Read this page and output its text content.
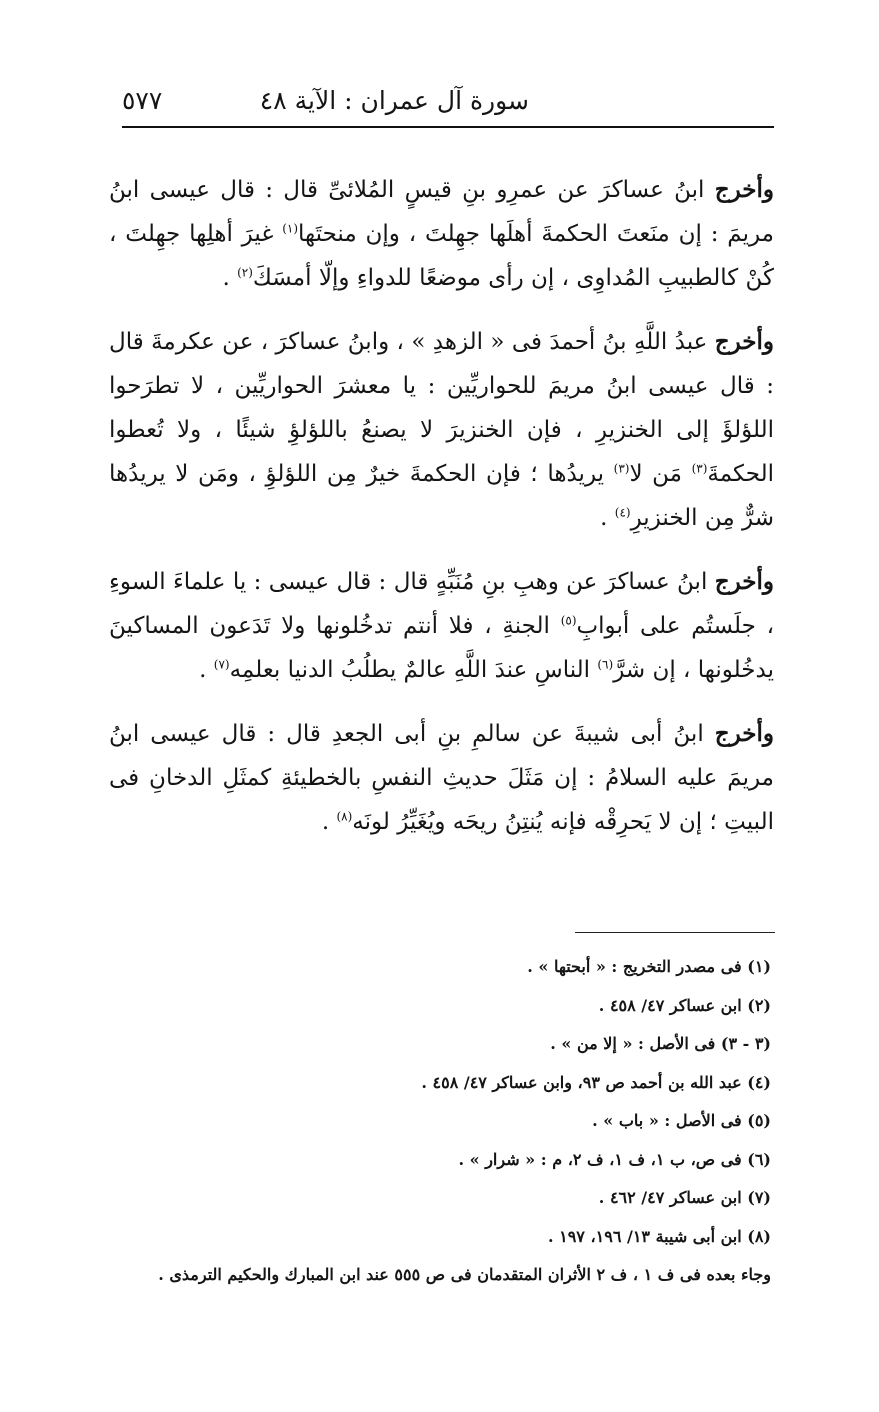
سورة آل عمران : الآية ٤٨
٥٧٧

وأخرج ابنُ عساكرَ عن عمرِو بنِ قيسٍ المُلائىِّ قال : قال عيسى ابنُ مريمَ : إن منَعتَ الحكمةَ أهلَها جهِلتَ ، وإن منحتَها$^{(١)}$ غيرَ أهلِها جهِلتَ ، كُنْ كالطبيبِ المُداوِى ، إن رأى موضعًا للدواءِ وإلّا أمسَكَ$^{(٢)}$ .

وأخرج عبدُ اللَّهِ بنُ أحمدَ فى « الزهدِ » ، وابنُ عساكرَ ، عن عكرمةَ قال : قال عيسى ابنُ مريمَ للحواريِّين : يا معشرَ الحواريِّين ، لا تطرَحوا اللؤلؤَ إلى الخنزيرِ ، فإن الخنزيرَ لا يصنعُ باللؤلؤِ شيئًا ، ولا تُعطوا الحكمةَ$^{(٣)}$ مَن لا$^{(٣)}$ يريدُها ؛ فإن الحكمةَ خيرٌ مِن اللؤلؤِ ، ومَن لا يريدُها شرٌّ مِن الخنزيرِ$^{(٤)}$ .

وأخرج ابنُ عساكرَ عن وهبِ بنِ مُنَبِّهٍ قال : قال عيسى : يا علماءَ السوءِ ، جلَستُم على أبوابِ$^{(٥)}$ الجنةِ ، فلا أنتم تدخُلونها ولا تَدَعون المساكينَ يدخُلونها ، إن شرَّ$^{(٦)}$ الناسِ عندَ اللَّهِ عالمٌ يطلُبُ الدنيا بعلمِه$^{(٧)}$ .

وأخرج ابنُ أبى شيبةَ عن سالمِ بنِ أبى الجعدِ قال : قال عيسى ابنُ مريمَ عليه السلامُ : إن مَثَلَ حديثِ النفسِ بالخطيئةِ كمثَلِ الدخانِ فى البيتِ ؛ إن لا يَحرِقْه فإنه يُنتِنُ ريحَه ويُغَيِّرُ لونَه$^{(٨)}$ .

(١) فى مصدر التخريج : « أبحتها » .
(٢) ابن عساكر ٤٧/ ٤٥٨ .
(٣ - ٣) فى الأصل : « إلا من » .
(٤) عبد الله بن أحمد ص ٩٣، وابن عساكر ٤٧/ ٤٥٨ .
(٥) فى الأصل : « باب » .
(٦) فى ص، ب ١، ف ١، ف ٢، م : « شرار » .
(٧) ابن عساكر ٤٧/ ٤٦٢ .
(٨) ابن أبى شيبة ١٣/ ١٩٦، ١٩٧ .
وجاء بعده فى ف ١ ، ف ٢ الأثران المتقدمان فى ص ٥٥٥ عند ابن المبارك والحكيم الترمذى .
